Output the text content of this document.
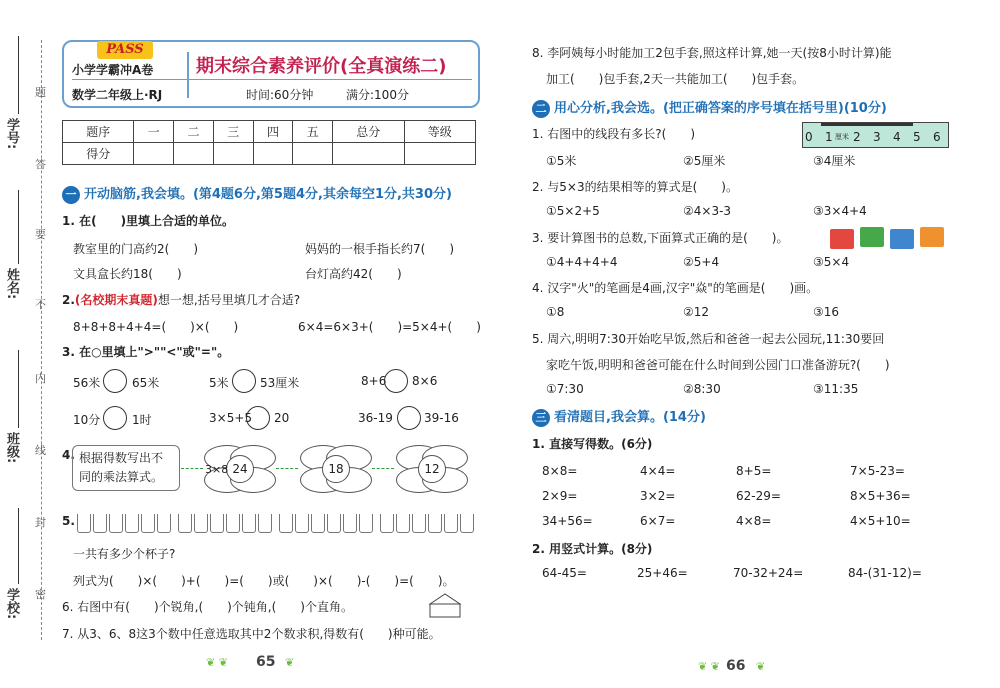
学号:
姓名:
班级:
学校:
题
答
要
不
内
线
封
密
PASS
小学学霸冲A卷 期末综合素养评价(全真演练二)
数学二年级上·RJ	时间:60分钟	满分:100分
题序	一	二	三	四	五	总分	等级
得分							
一 开动脑筋,我会填。(第4题6分,第5题4分,其余每空1分,共30分)
1. 在(　　)里填上合适的单位。
教室里的门高约2(　　)	妈妈的一根手指长约7(　　)
文具盒长约18(　　)	台灯高约42(　　)
2.(名校期末真题)想一想,括号里填几才合适?
8+8+8+4+4=(　　)×(　　)	6×4=6×3+(　　)=5×4+(　　)
3. 在○里填上">""<"或"="。
56米	65米	5米	53厘米	8+6 8×6
10分	1时	3×5+5 20	36-19	39-16
4. 根据得数写出不同的乘法算式。
24
3×8	18	12
5.
一共有多少个杯子?
列式为(　　)×(　　)+(　　)=(　　)或(　　)×(　　)-(　　)=(　　)。
6. 右图中有(　　)个锐角,(　　)个钝角,(　　)个直角。
7. 从3、6、8这3个数中任意选取其中2个数求积,得数有(　　)种可能。
❦ ❦ 65 ❦
8. 李阿姨每小时能加工2包手套,照这样计算,她一天(按8小时计算)能
加工(　　)包手套,2天一共能加工(　　)包手套。
二 用心分析,我会选。(把正确答案的序号填在括号里)(10分)
1. 右图中的线段有多长?(　　)	0 1 厘米 2 3 4 5 6
①5米	②5厘米	③4厘米
2. 与5×3的结果相等的算式是(　　)。
①5×2+5	②4×3-3	③3×4+4
3. 要计算图书的总数,下面算式正确的是(　　)。
①4+4+4+4	②5+4	③5×4
4. 汉字"火"的笔画是4画,汉字"焱"的笔画是(　　)画。
①8	②12	③16
5. 周六,明明7:30开始吃早饭,然后和爸爸一起去公园玩,11:30要回
家吃午饭,明明和爸爸可能在什么时间到公园门口准备游玩?(　　)
①7:30	②8:30	③11:35
三 看清题目,我会算。(14分)
1. 直接写得数。(6分)
8×8=	4×4=	8+5=	7×5-23=
2×9=	3×2=	62-29=	8×5+36=
34+56=	6×7=	4×8=	4×5+10=
2. 用竖式计算。(8分)
64-45=	25+46=	70-32+24=	84-(31-12)=
❦ ❦ 66 ❦
